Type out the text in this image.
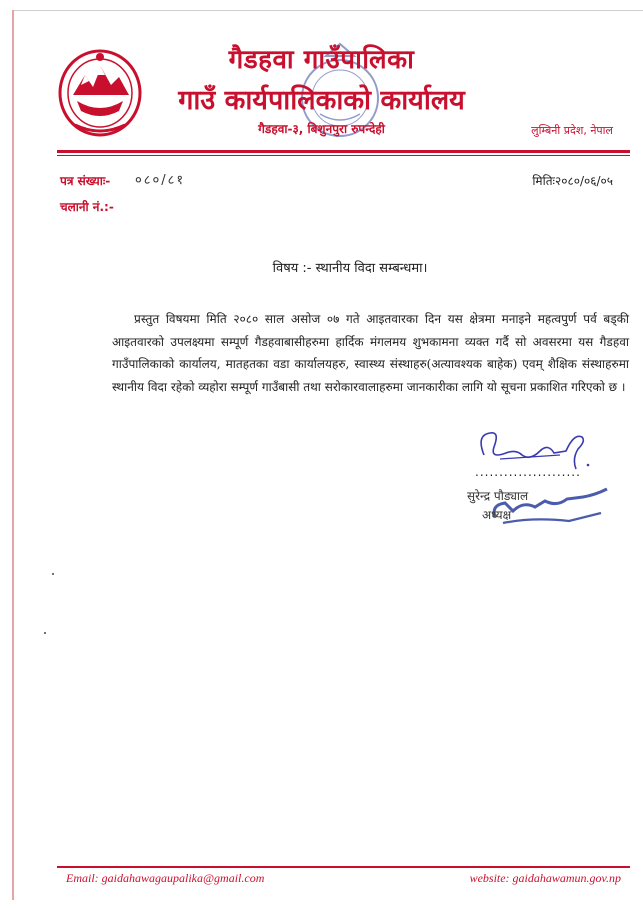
गैडहवा गाउँपालिका
गाउँ कार्यपालिकाको कार्यालय
गैडहवा-३, बिशुनपुरा रुपन्देही	लुम्बिनी प्रदेश, नेपाल
पत्र संख्याः- ०८०/८१
चलानी नं.:-
मितिः२०८०/०६/०५
विषय :- स्थानीय विदा सम्बन्धमा।

प्रस्तुत विषयमा मिति २०८० साल असोज ०७ गते आइतवारका दिन यस क्षेत्रमा मनाइने महत्वपुर्ण पर्व बड्की आइतवारको उपलक्ष्यमा सम्पूर्ण गैडहवाबासीहरुमा हार्दिक मंगलमय शुभकामना व्यक्त गर्दै सो अवसरमा यस गैडहवा गाउँपालिकाको कार्यालय, मातहतका वडा कार्यालयहरु, स्वास्थ्य संस्थाहरु(अत्यावश्यक बाहेक) एवम् शैक्षिक संस्थाहरुमा स्थानीय विदा रहेको व्यहोरा सम्पूर्ण गाउँबासी तथा सरोकारवालाहरुमा जानकारीका लागि यो सूचना प्रकाशित गरिएको छ ।

......................
सुरेन्द्र पौड्याल
अध्यक्ष
Email: gaidahawagaupalika@gmail.com	website: gaidahawamun.gov.np
